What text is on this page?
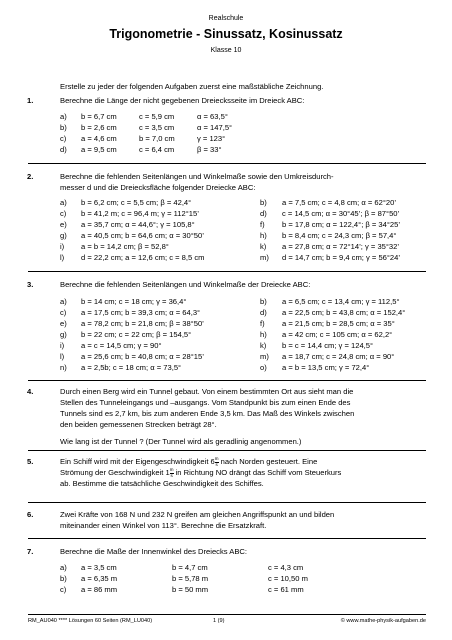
Realschule
Trigonometrie - Sinussatz, Kosinussatz
Klasse 10
Erstelle zu jeder der folgenden Aufgaben zuerst eine maßstäbliche Zeichnung.
1.	Berechne die Länge der nicht gegebenen Dreiecksseite im Dreieck ABC:
a) b = 6,7 cm	c = 5,9 cm	α = 63,5°
b) b = 2,6 cm	c = 3,5 cm	α = 147,5°
c) a = 4,6 cm	b = 7,0 cm	γ = 123°
d) a = 9,5 cm	c = 6,4 cm	β = 33°
2.	Berechne die fehlenden Seitenlängen und Winkelmaße sowie den Umkreisdurch-
messer d und die Dreiecksfläche folgender Dreiecke ABC:
a) b = 6,2 cm; c = 5,5 cm; β = 42,4°	b) a = 7,5 cm; c = 4,8 cm; α = 62°20’
c) b = 41,2 m; c = 96,4 m; γ = 112°15’	d) c = 14,5 cm; α = 30°45’; β = 87°50’
e) a = 35,7 cm; α = 44,6°; γ = 105,8°	f) b = 17,8 cm; α = 122,4°; β = 34°25’
g) a = 40,5 cm; b = 64,6 cm; α = 30°50’	h) b = 8,4 cm; c = 24,3 cm; β = 57,4°
i) a = b = 14,2 cm; β = 52,8°	k) a = 27,8 cm; α = 72°14’; γ = 35°32’
l) d = 22,2 cm; a = 12,6 cm; c = 8,5 cm	m) d = 14,7 cm; b = 9,4 cm; γ = 56°24’
3.	Berechne die fehlenden Seitenlängen und Winkelmaße der Dreiecke ABC:
a) b = 14 cm; c = 18 cm; γ = 36,4°	b) a = 6,5 cm; c = 13,4 cm; γ = 112,5°
c) a = 17,5 cm; b = 39,3 cm; α = 64,3°	d) a = 22,5 cm; b = 43,8 cm; α = 152,4°
e) a = 78,2 cm; b = 21,8 cm; β = 38°50’	f) a = 21,5 cm; b = 28,5 cm; α = 35°
g) b = 22 cm; c = 22 cm; β = 154,5°	h) a = 42 cm; c = 105 cm; α = 62,2°
i) a = c = 14,5 cm; γ = 90°	k) b = c = 14,4 cm; γ = 124,5°
l) a = 25,6 cm; b = 40,8 cm; α = 28°15’	m) a = 18,7 cm; c = 24,8 cm; α = 90°
n) a = 2,5b; c = 18 cm; α = 73,5°	o) a = b = 13,5 cm; γ = 72,4°
4.	Durch einen Berg wird ein Tunnel gebaut. Von einem bestimmten Ort aus sieht man die
Stellen des Tunneleingangs und –ausgangs. Vom Standpunkt bis zum einen Ende des
Tunnels sind es 2,7 km, bis zum anderen Ende 3,5 km. Das Maß des Winkels zwischen
den beiden gemessenen Strecken beträgt 28°.
Wie lang ist der Tunnel ? (Der Tunnel wird als geradlinig angenommen.)
5.	Ein Schiff wird mit der Eigengeschwindigkeit $6 \frac{m}{s}$ nach Norden gesteuert. Eine
Strömung der Geschwindigkeit $1 \frac{m}{s}$ in Richtung NO drängt das Schiff vom Steuerkurs
ab. Bestimme die tatsächliche Geschwindigkeit des Schiffes.
6.	Zwei Kräfte von 168 N und 232 N greifen am gleichen Angriffspunkt an und bilden
miteinander einen Winkel von 113°. Berechne die Ersatzkraft.
7.	Berechne die Maße der Innenwinkel des Dreiecks ABC:
a) a = 3,5 cm	b = 4,7 cm	c = 4,3 cm
b) a = 6,35 m	b = 5,78 m	c = 10,50 m
c) a = 86 mm	b = 50 mm	c = 61 mm
RM_AU040 **** Lösungen 60 Seiten (RM_LU040)	1 (9)	© www.mathe-physik-aufgaben.de
